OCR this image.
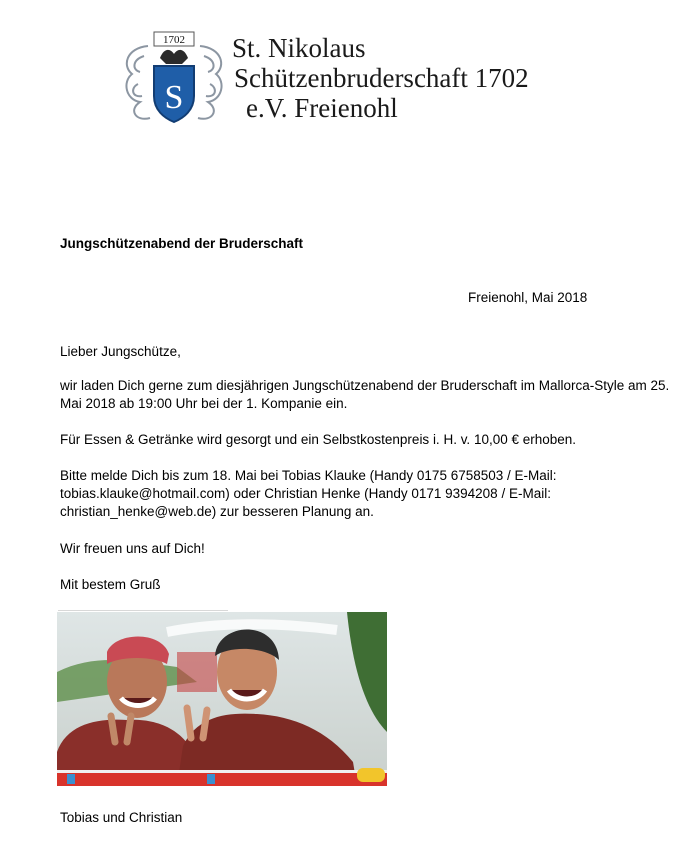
1702
S
St. Nikolaus
Schützenbruderschaft 1702
e.V. Freienohl
Jungschützenabend der Bruderschaft
Freienohl, Mai 2018
Lieber Jungschütze,
wir laden Dich gerne zum diesjährigen Jungschützenabend der Bruderschaft im Mallorca-Style am 25.
Mai 2018 ab 19:00 Uhr bei der 1. Kompanie ein.
Für Essen & Getränke wird gesorgt und ein Selbstkostenpreis i. H. v. 10,00 € erhoben.
Bitte melde Dich bis zum 18. Mai bei Tobias Klauke (Handy 0175 6758503 / E-Mail:
tobias.klauke@hotmail.com) oder Christian Henke (Handy 0171 9394208 / E-Mail:
christian_henke@web.de) zur besseren Planung an.
Wir freuen uns auf Dich!
Mit bestem Gruß
Tobias und Christian
